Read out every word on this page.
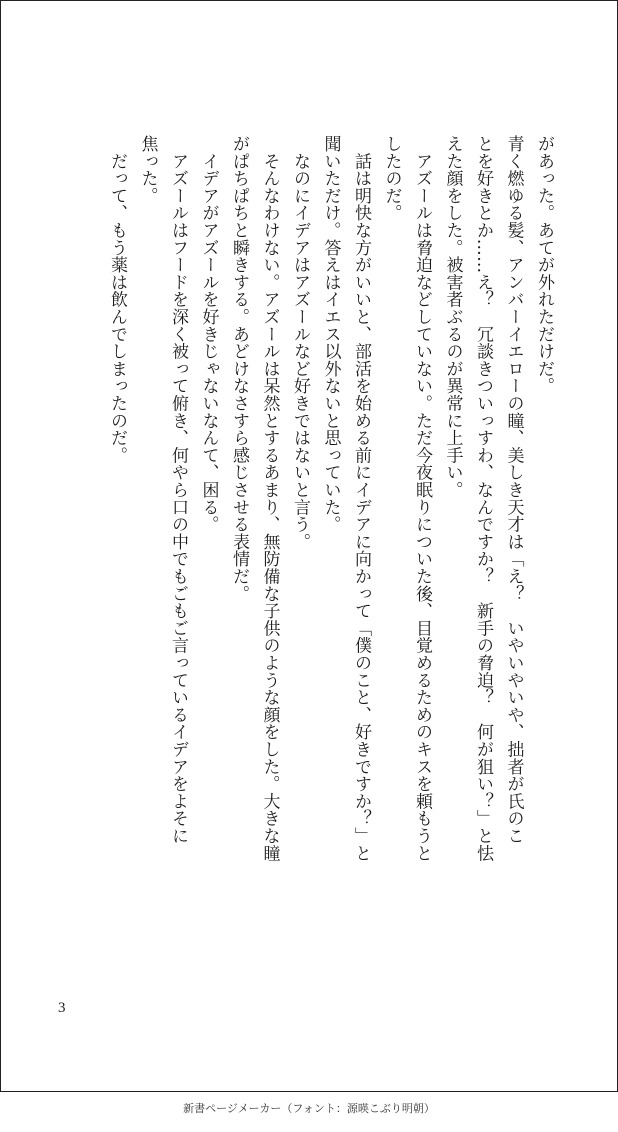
があった。あてが外れただけだ。
青く燃ゆる髪、アンバーイエローの瞳、美しき天才は「え？　いやいやいや、拙者が氏のこ
とを好きとか……え？　冗談きついっすわ、なんですか？　新手の脅迫？　何が狙い？」と怯
えた顔をした。被害者ぶるのが異常に上手い。
　アズールは脅迫などしていない。ただ今夜眠りについた後、目覚めるためのキスを頼もうと
したのだ。
　話は明快な方がいいと、部活を始める前にイデアに向かって「僕のこと、好きですか？」と
聞いただけ。答えはイエス以外ないと思っていた。
　なのにイデアはアズールなど好きではないと言う。
　そんなわけない。アズールは呆然とするあまり、無防備な子供のような顔をした。大きな瞳
がぱちぱちと瞬きする。あどけなさすら感じさせる表情だ。
　イデアがアズールを好きじゃないなんて、困る。
　アズールはフードを深く被って俯き、何やら口の中でもごもご言っているイデアをよそに
焦った。
　だって、もう薬は飲んでしまったのだ。
3
新書ページメーカー（フォント：源暎こぶり明朝）
